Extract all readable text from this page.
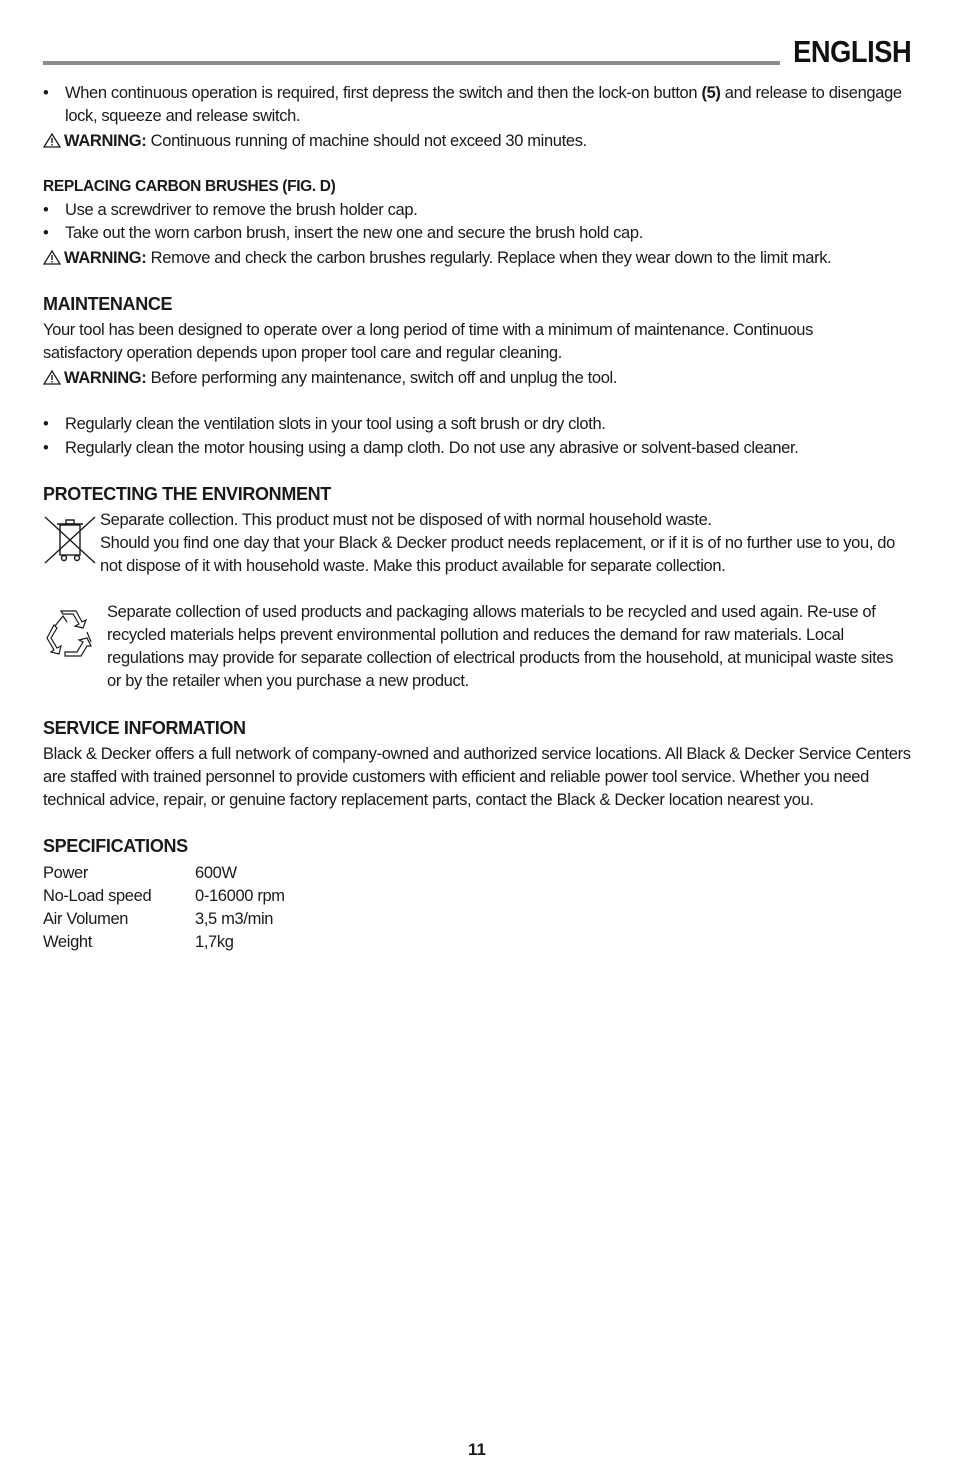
ENGLISH
•	When continuous operation is required, first depress the switch and then the lock-on button (5) and release to disengage lock, squeeze and release switch.
WARNING: Continuous running of machine should not exceed 30 minutes.
REPLACING CARBON BRUSHES (FIG. D)
•	Use a screwdriver to remove the brush holder cap.
•	Take out the worn carbon brush, insert the new one and secure the brush hold cap.
WARNING: Remove and check the carbon brushes regularly. Replace when they wear down to the limit mark.
MAINTENANCE
Your tool has been designed to operate over a long period of time with a minimum of maintenance. Continuous satisfactory operation depends upon proper tool care and regular cleaning.
WARNING: Before performing any maintenance, switch off and unplug the tool.
•	Regularly clean the ventilation slots in your tool using a soft brush or dry cloth.
•	Regularly clean the motor housing using a damp cloth. Do not use any abrasive or solvent-based cleaner.
PROTECTING THE ENVIRONMENT
Separate collection. This product must not be disposed of with normal household waste.
Should you find one day that your Black & Decker product needs replacement, or if it is of no further use to you, do not dispose of it with household waste. Make this product available for separate collection.
Separate collection of used products and packaging allows materials to be recycled and used again. Re-use of recycled materials helps prevent environmental pollution and reduces the demand for raw materials. Local regulations may provide for separate collection of electrical products from the household, at municipal waste sites or by the retailer when you purchase a new product.
SERVICE INFORMATION
Black & Decker offers a full network of company-owned and authorized service locations. All Black & Decker Service Centers are staffed with trained personnel to provide customers with efficient and reliable power tool service. Whether you need technical advice, repair, or genuine factory replacement parts, contact the Black & Decker location nearest you.
SPECIFICATIONS
Power	600W
No-Load speed	0-16000 rpm
Air Volumen	3,5 m3/min
Weight	1,7kg
11
